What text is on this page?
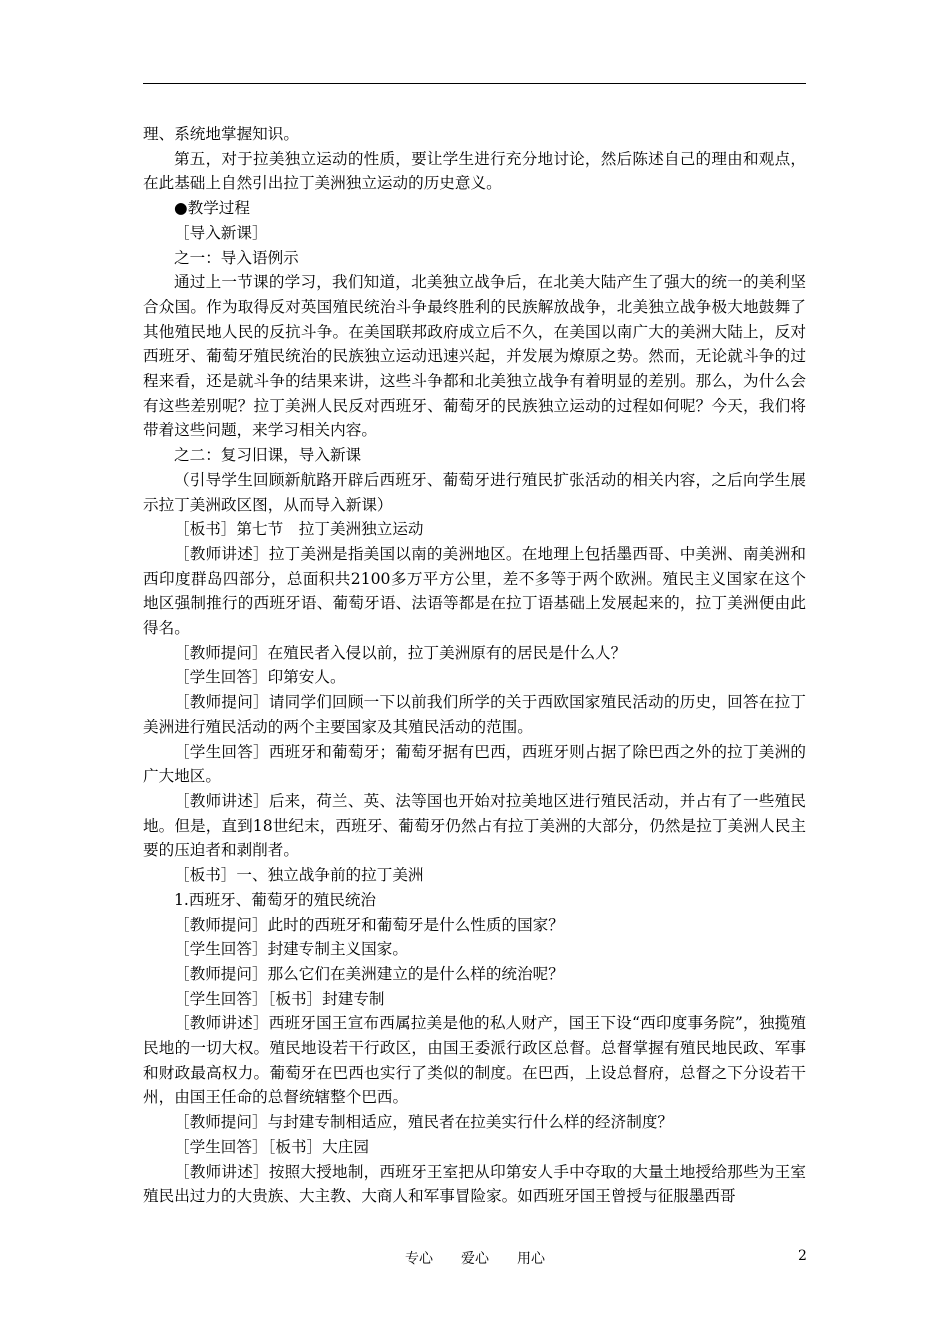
理、系统地掌握知识。

第五，对于拉美独立运动的性质，要让学生进行充分地讨论，然后陈述自己的理由和观点，在此基础上自然引出拉丁美洲独立运动的历史意义。

●教学过程

［导入新课］

之一：导入语例示

通过上一节课的学习，我们知道，北美独立战争后，在北美大陆产生了强大的统一的美利坚合众国。作为取得反对英国殖民统治斗争最终胜利的民族解放战争，北美独立战争极大地鼓舞了其他殖民地人民的反抗斗争。在美国联邦政府成立后不久，在美国以南广大的美洲大陆上，反对西班牙、葡萄牙殖民统治的民族独立运动迅速兴起，并发展为燎原之势。然而，无论就斗争的过程来看，还是就斗争的结果来讲，这些斗争都和北美独立战争有着明显的差别。那么，为什么会有这些差别呢？拉丁美洲人民反对西班牙、葡萄牙的民族独立运动的过程如何呢？今天，我们将带着这些问题，来学习相关内容。

之二：复习旧课，导入新课

（引导学生回顾新航路开辟后西班牙、葡萄牙进行殖民扩张活动的相关内容，之后向学生展示拉丁美洲政区图，从而导入新课）

［板书］第七节　拉丁美洲独立运动

［教师讲述］拉丁美洲是指美国以南的美洲地区。在地理上包括墨西哥、中美洲、南美洲和西印度群岛四部分，总面积共2100多万平方公里，差不多等于两个欧洲。殖民主义国家在这个地区强制推行的西班牙语、葡萄牙语、法语等都是在拉丁语基础上发展起来的，拉丁美洲便由此得名。

［教师提问］在殖民者入侵以前，拉丁美洲原有的居民是什么人？

［学生回答］印第安人。

［教师提问］请同学们回顾一下以前我们所学的关于西欧国家殖民活动的历史，回答在拉丁美洲进行殖民活动的两个主要国家及其殖民活动的范围。

［学生回答］西班牙和葡萄牙；葡萄牙据有巴西，西班牙则占据了除巴西之外的拉丁美洲的广大地区。

［教师讲述］后来，荷兰、英、法等国也开始对拉美地区进行殖民活动，并占有了一些殖民地。但是，直到18世纪末，西班牙、葡萄牙仍然占有拉丁美洲的大部分，仍然是拉丁美洲人民主要的压迫者和剥削者。

［板书］一、独立战争前的拉丁美洲

1.西班牙、葡萄牙的殖民统治

［教师提问］此时的西班牙和葡萄牙是什么性质的国家？

［学生回答］封建专制主义国家。

［教师提问］那么它们在美洲建立的是什么样的统治呢？

［学生回答］［板书］封建专制

［教师讲述］西班牙国王宣布西属拉美是他的私人财产，国王下设“西印度事务院”，独揽殖民地的一切大权。殖民地设若干行政区，由国王委派行政区总督。总督掌握有殖民地民政、军事和财政最高权力。葡萄牙在巴西也实行了类似的制度。在巴西，上设总督府，总督之下分设若干州，由国王任命的总督统辖整个巴西。

［教师提问］与封建专制相适应，殖民者在拉美实行什么样的经济制度？

［学生回答］［板书］大庄园

［教师讲述］按照大授地制，西班牙王室把从印第安人手中夺取的大量土地授给那些为王室殖民出过力的大贵族、大主教、大商人和军事冒险家。如西班牙国王曾授与征服墨西哥

专心　　爱心　　用心	2
